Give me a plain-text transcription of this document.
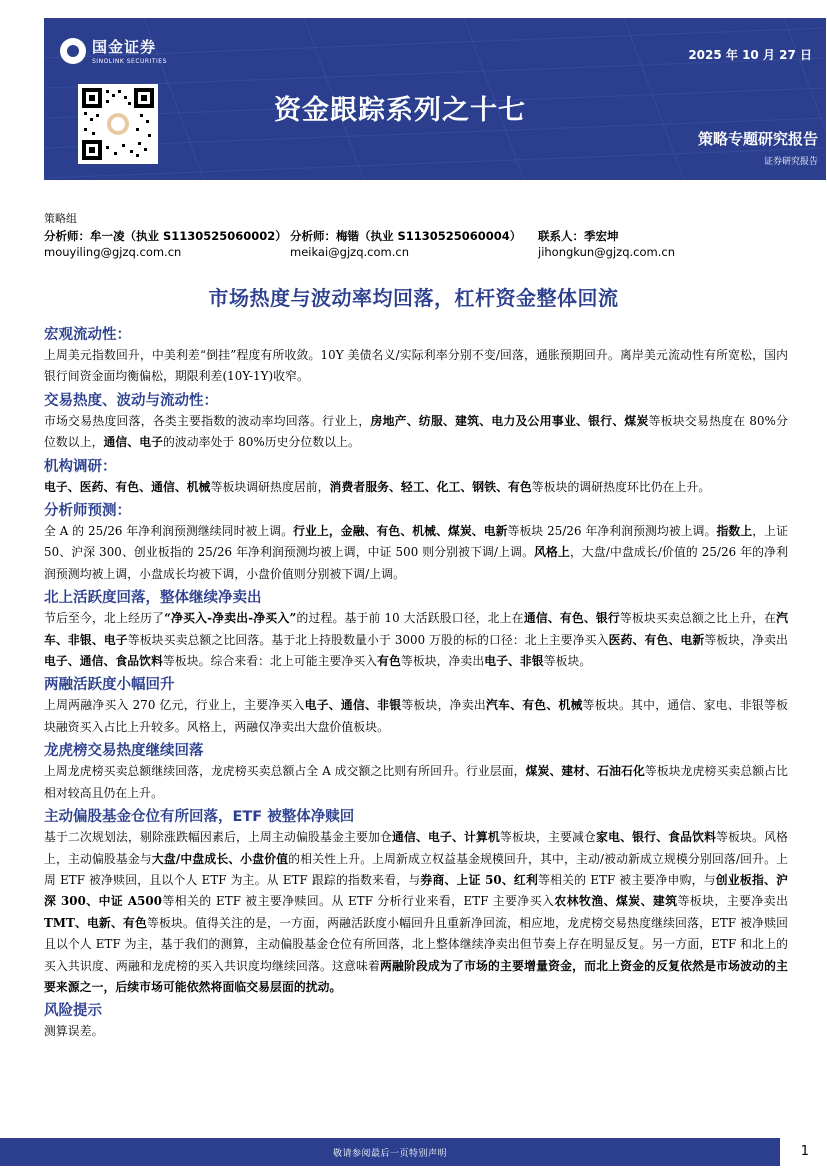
国金证券
SINOLINK SECURITIES	2025 年 10 月 27 日
资金跟踪系列之十七
策略专题研究报告
证券研究报告
策略组
分析师：牟一凌（执业 S1130525060002） 分析师：梅锴（执业 S1130525060004）	联系人：季宏坤
mouyiling@gjzq.com.cn	meikai@gjzq.com.cn	jihongkun@gjzq.com.cn
市场热度与波动率均回落，杠杆资金整体回流
宏观流动性：
上周美元指数回升，中美利差“倒挂”程度有所收敛。10Y 美债名义/实际利率分别不变/回落，通胀预期回升。离岸美元流动性有所宽松，国内银行间资金面均衡偏松，期限利差(10Y-1Y)收窄。
交易热度、波动与流动性：
市场交易热度回落，各类主要指数的波动率均回落。行业上，房地产、纺服、建筑、电力及公用事业、银行、煤炭等板块交易热度在 80%分位数以上，通信、电子的波动率处于 80%历史分位数以上。
机构调研：
电子、医药、有色、通信、机械等板块调研热度居前，消费者服务、轻工、化工、钢铁、有色等板块的调研热度环比仍在上升。
分析师预测：
全 A 的 25/26 年净利润预测继续同时被上调。行业上，金融、有色、机械、煤炭、电新等板块 25/26 年净利润预测均被上调。指数上，上证 50、沪深 300、创业板指的 25/26 年净利润预测均被上调，中证 500 则分别被下调/上调。风格上，大盘/中盘成长/价值的 25/26 年的净利润预测均被上调，小盘成长均被下调，小盘价值则分别被下调/上调。
北上活跃度回落，整体继续净卖出
节后至今，北上经历了“净买入-净卖出-净买入”的过程。基于前 10 大活跃股口径，北上在通信、有色、银行等板块买卖总额之比上升，在汽车、非银、电子等板块买卖总额之比回落。基于北上持股数量小于 3000 万股的标的口径：北上主要净买入医药、有色、电新等板块，净卖出电子、通信、食品饮料等板块。综合来看：北上可能主要净买入有色等板块，净卖出电子、非银等板块。
两融活跃度小幅回升
上周两融净买入 270 亿元，行业上，主要净买入电子、通信、非银等板块，净卖出汽车、有色、机械等板块。其中，通信、家电、非银等板块融资买入占比上升较多。风格上，两融仅净卖出大盘价值板块。
龙虎榜交易热度继续回落
上周龙虎榜买卖总额继续回落，龙虎榜买卖总额占全 A 成交额之比则有所回升。行业层面，煤炭、建材、石油石化等板块龙虎榜买卖总额占比相对较高且仍在上升。
主动偏股基金仓位有所回落，ETF 被整体净赎回
基于二次规划法，剔除涨跌幅因素后，上周主动偏股基金主要加仓通信、电子、计算机等板块，主要减仓家电、银行、食品饮料等板块。风格上，主动偏股基金与大盘/中盘成长、小盘价值的相关性上升。上周新成立权益基金规模回升，其中，主动/被动新成立规模分别回落/回升。上周 ETF 被净赎回，且以个人 ETF 为主。从 ETF 跟踪的指数来看，与券商、上证 50、红利等相关的 ETF 被主要净申购，与创业板指、沪深 300、中证 A500等相关的 ETF 被主要净赎回。从 ETF 分析行业来看，ETF 主要净买入农林牧渔、煤炭、建筑等板块，主要净卖出TMT、电新、有色等板块。值得关注的是，一方面，两融活跃度小幅回升且重新净回流，相应地，龙虎榜交易热度继续回落，ETF 被净赎回且以个人 ETF 为主，基于我们的测算，主动偏股基金仓位有所回落，北上整体继续净卖出但节奏上存在明显反复。另一方面，ETF 和北上的买入共识度、两融和龙虎榜的买入共识度均继续回落。这意味着两融阶段成为了市场的主要增量资金，而北上资金的反复依然是市场波动的主要来源之一，后续市场可能依然将面临交易层面的扰动。
风险提示
测算误差。
敬请参阅最后一页特别声明	1
